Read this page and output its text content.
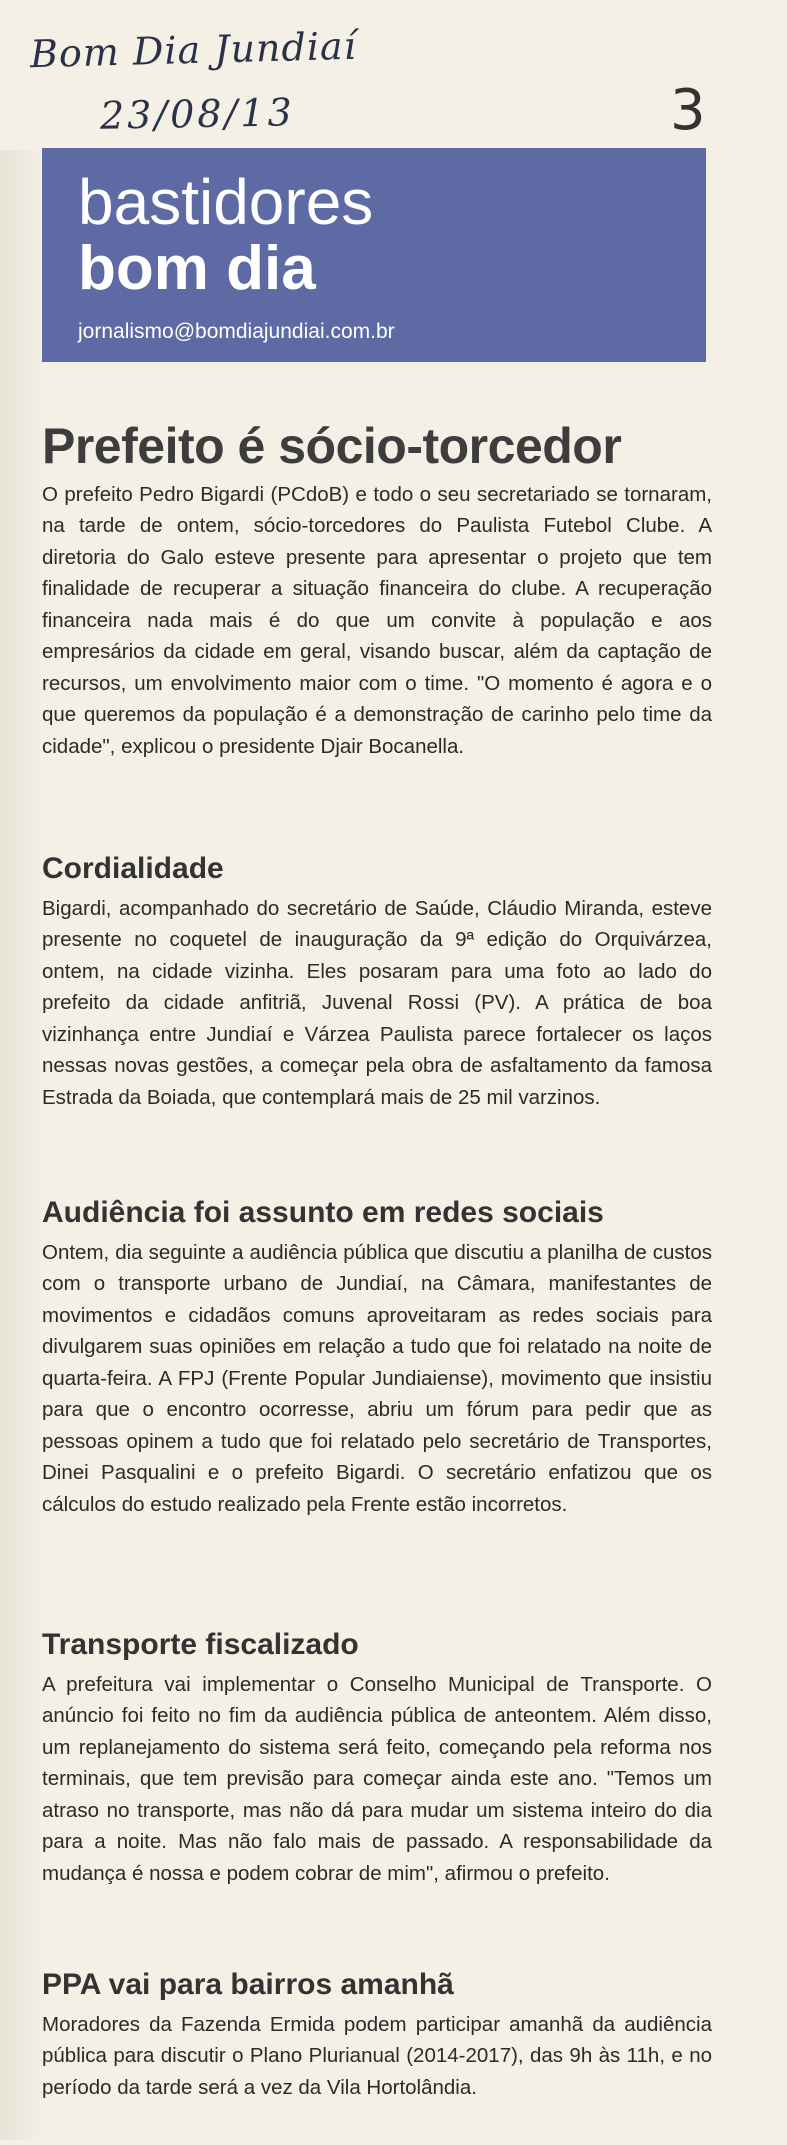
Bom Dia Jundiaí
23/08/13	3
bastidores
bom dia
jornalismo@bomdiajundiai.com.br
Prefeito é sócio-torcedor

O prefeito Pedro Bigardi (PCdoB) e todo o seu secretariado se tornaram, na tarde de ontem, sócio-torcedores do Paulista Futebol Clube. A diretoria do Galo esteve presente para apresentar o projeto que tem finalidade de recuperar a situação financeira do clube. A recuperação financeira nada mais é do que um convite à população e aos empresários da cidade em geral, visando buscar, além da captação de recursos, um envolvimento maior com o time. "O momento é agora e o que queremos da população é a demonstração de carinho pelo time da cidade", explicou o presidente Djair Bocanella.

Cordialidade

Bigardi, acompanhado do secretário de Saúde, Cláudio Miranda, esteve presente no coquetel de inauguração da 9ª edição do Orquivárzea, ontem, na cidade vizinha. Eles posaram para uma foto ao lado do prefeito da cidade anfitriã, Juvenal Rossi (PV). A prática de boa vizinhança entre Jundiaí e Várzea Paulista parece fortalecer os laços nessas novas gestões, a começar pela obra de asfaltamento da famosa Estrada da Boiada, que contemplará mais de 25 mil varzinos.

Audiência foi assunto em redes sociais

Ontem, dia seguinte a audiência pública que discutiu a planilha de custos com o transporte urbano de Jundiaí, na Câmara, manifestantes de movimentos e cidadãos comuns aproveitaram as redes sociais para divulgarem suas opiniões em relação a tudo que foi relatado na noite de quarta-feira. A FPJ (Frente Popular Jundiaiense), movimento que insistiu para que o encontro ocorresse, abriu um fórum para pedir que as pessoas opinem a tudo que foi relatado pelo secretário de Transportes, Dinei Pasqualini e o prefeito Bigardi. O secretário enfatizou que os cálculos do estudo realizado pela Frente estão incorretos.

Transporte fiscalizado

A prefeitura vai implementar o Conselho Municipal de Transporte. O anúncio foi feito no fim da audiência pública de anteontem. Além disso, um replanejamento do sistema será feito, começando pela reforma nos terminais, que tem previsão para começar ainda este ano. "Temos um atraso no transporte, mas não dá para mudar um sistema inteiro do dia para a noite. Mas não falo mais de passado. A responsabilidade da mudança é nossa e podem cobrar de mim", afirmou o prefeito.

PPA vai para bairros amanhã

Moradores da Fazenda Ermida podem participar amanhã da audiência pública para discutir o Plano Plurianual (2014-2017), das 9h às 11h, e no período da tarde será a vez da Vila Hortolândia.
